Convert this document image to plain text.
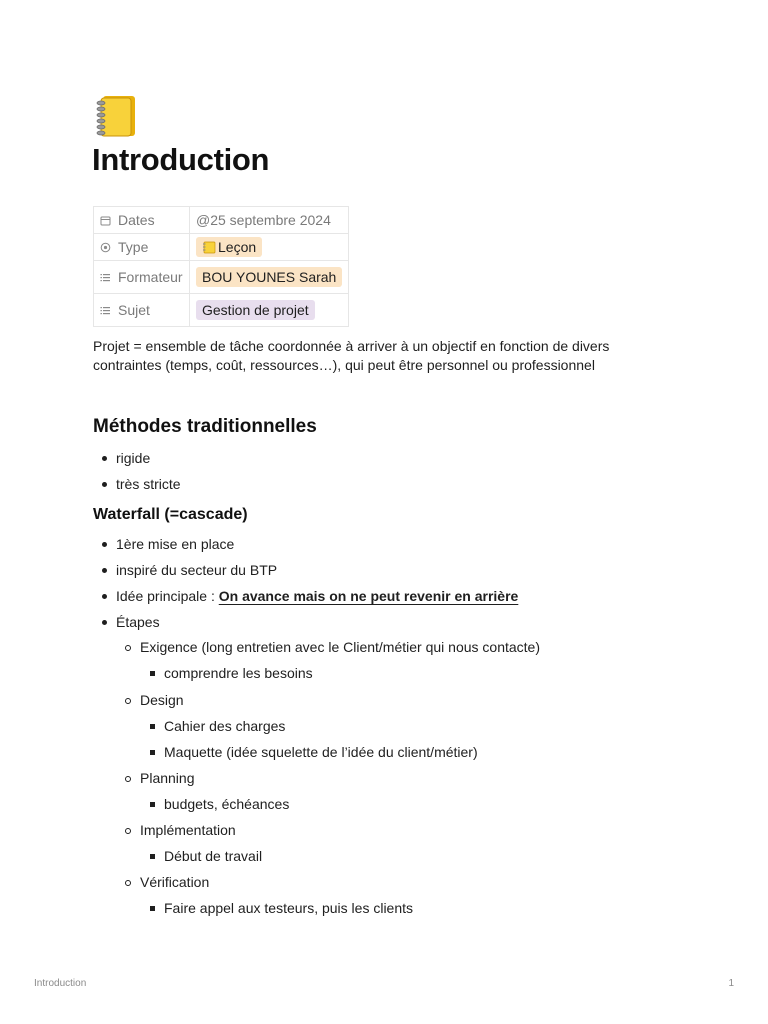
Introduction
Dates	@25 septembre 2024
Type	Leçon
Formateur	BOU YOUNES Sarah
Sujet	Gestion de projet

Projet = ensemble de tâche coordonnée à arriver à un objectif en fonction de divers
contraintes (temps, coût, ressources…), qui peut être personnel ou professionnel

Méthodes traditionnelles
rigide
très stricte
Waterfall (=cascade)
1ère mise en place
inspiré du secteur du BTP
Idée principale : On avance mais on ne peut revenir en arrière
Étapes
Exigence (long entretien avec le Client/métier qui nous contacte)
comprendre les besoins
Design
Cahier des charges
Maquette (idée squelette de l’idée du client/métier)
Planning
budgets, échéances
Implémentation
Début de travail
Vérification
Faire appel aux testeurs, puis les clients
Introduction	1
